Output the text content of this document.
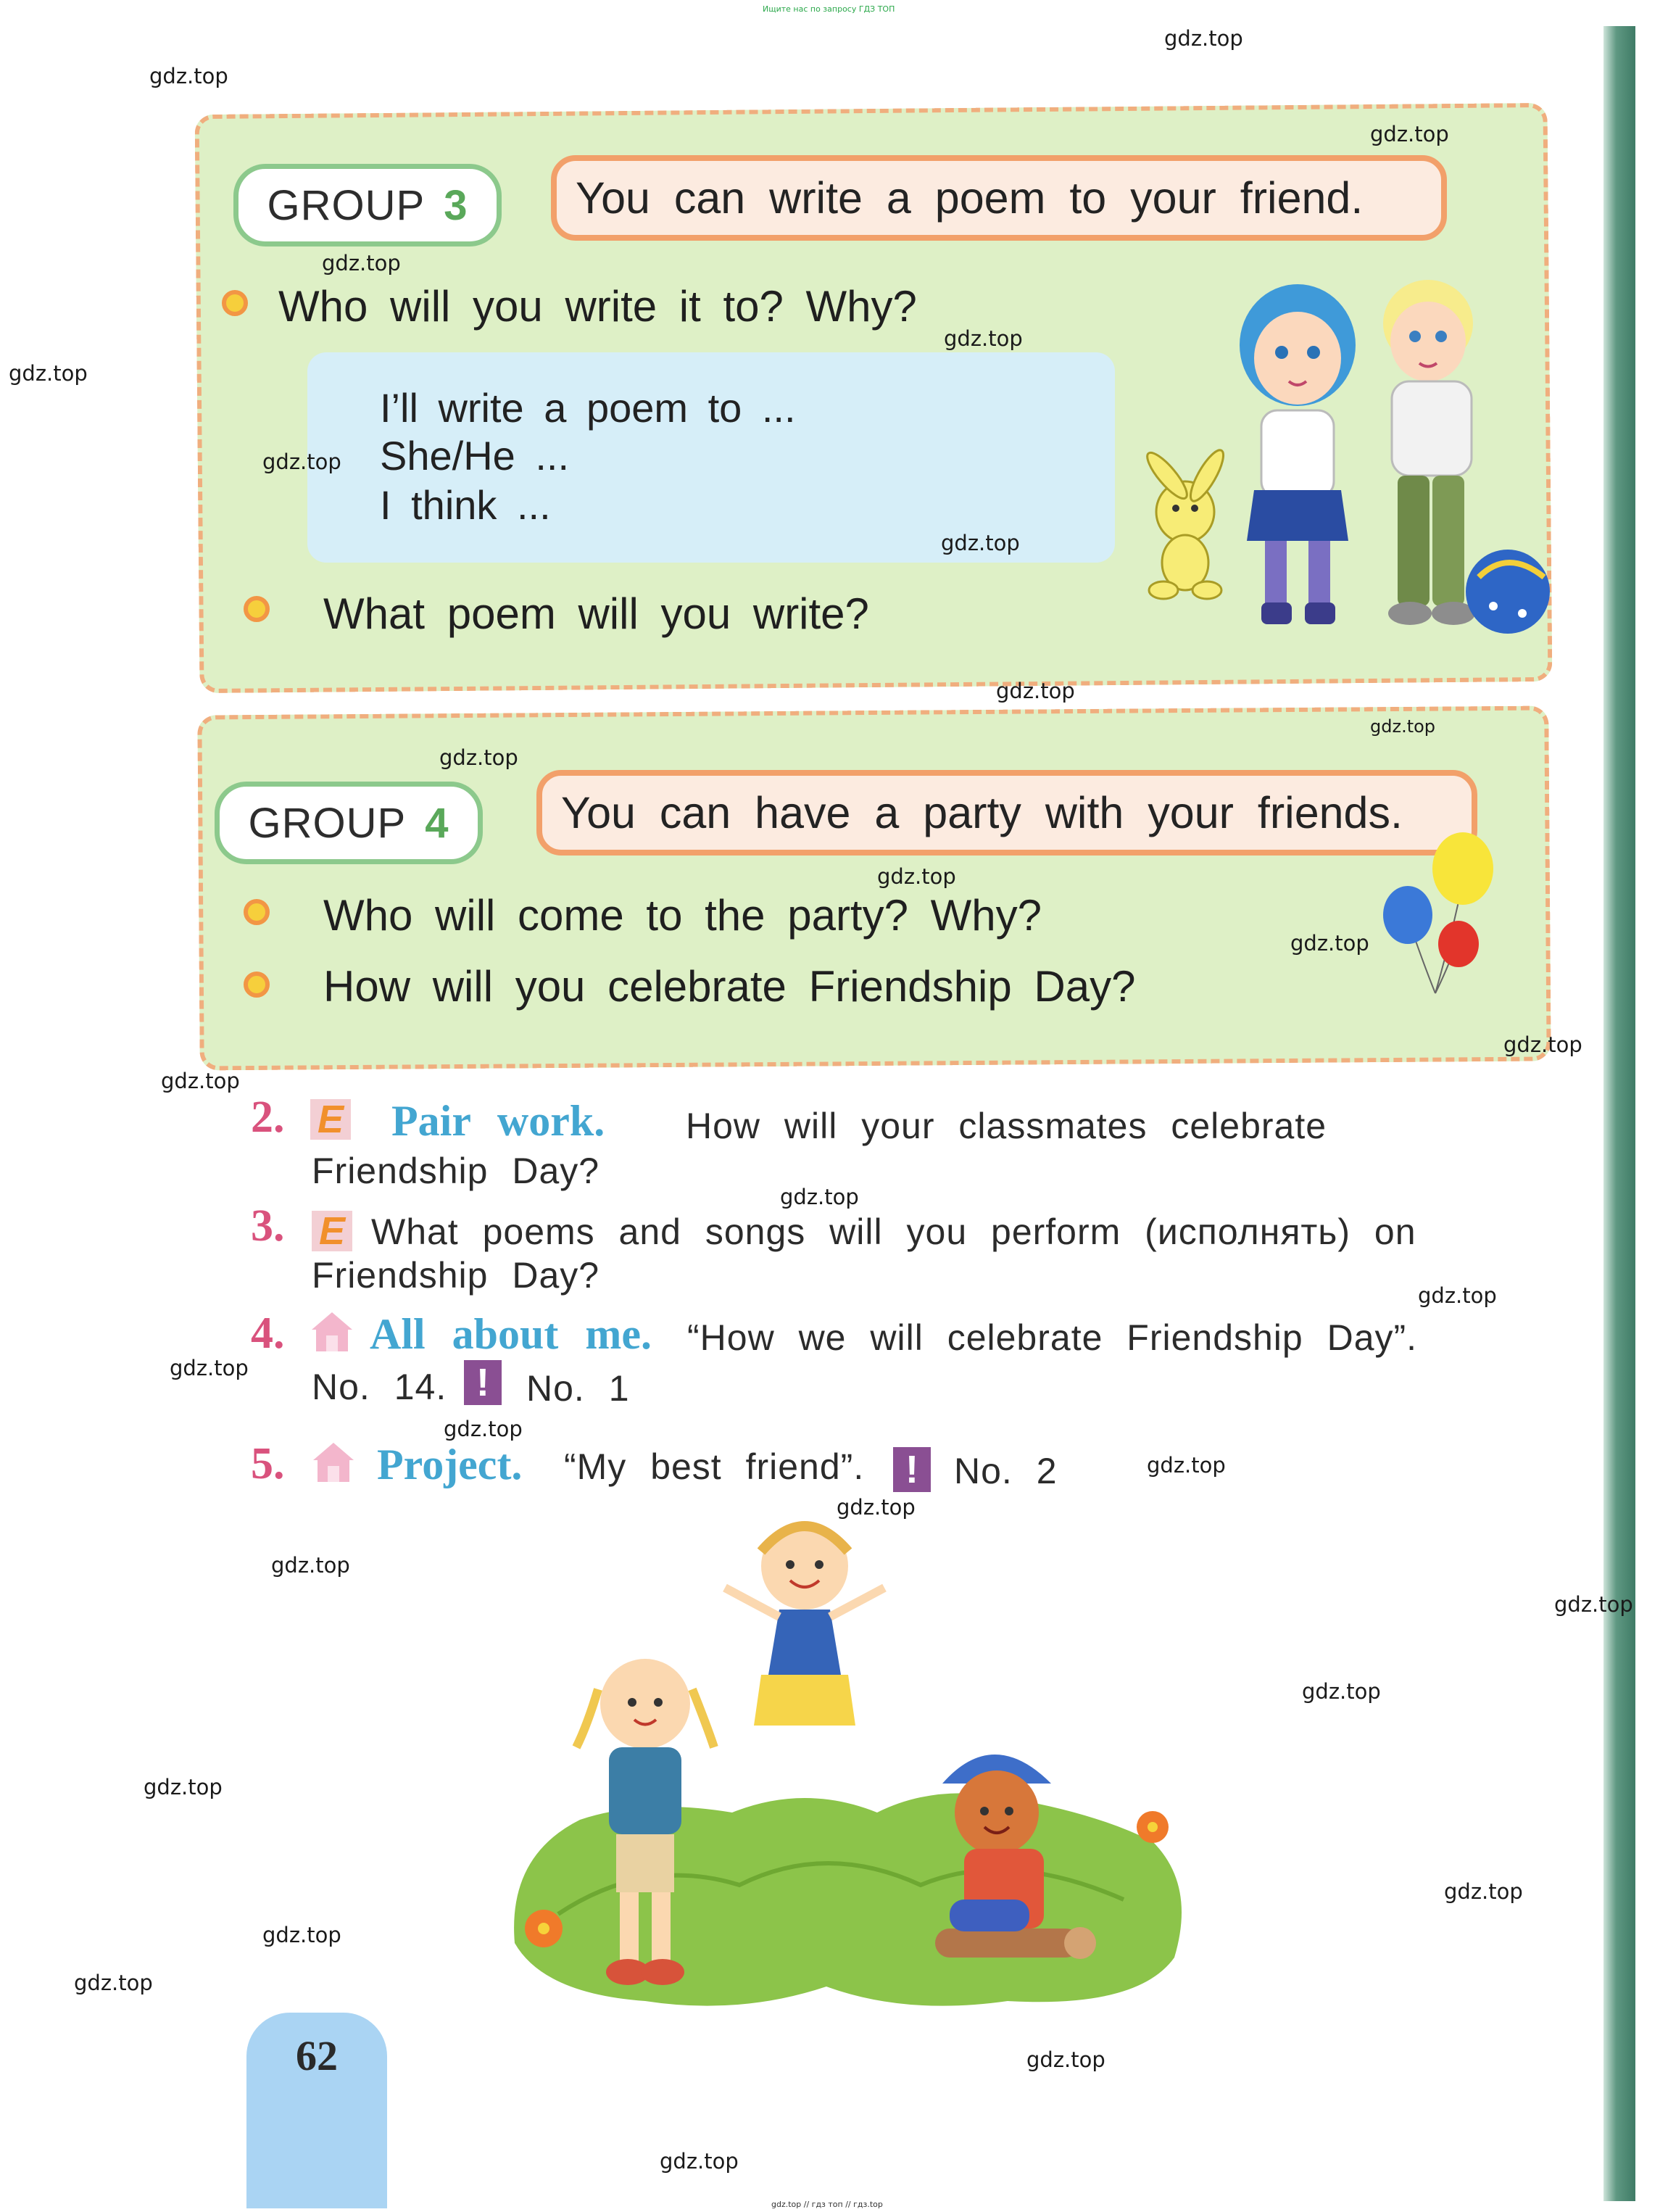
Ищите нас по запросу ГДЗ ТОП
gdz.top // гдз топ // гдз.top
GROUP 3 You can write a poem to your friend.
Who will you write it to? Why?
I’ll write a poem to ...
She/He ...
I think ...
What poem will you write?
GROUP 4	You can have a party with your friends.
Who will come to the party? Why?
How will you celebrate Friendship Day?
2. E Pair work. How will your classmates celebrate
Friendship Day?
3. E What poems and songs will you perform (исполнять) on
Friendship Day?
4. All about me. “How we will celebrate Friendship Day”.
No. 14. !	No. 1
5. Project. “My best friend”.	! No. 2
62
gdz.top
gdz.top
gdz.top
gdz.top
gdz.top
gdz.top
gdz.top
gdz.top
gdz.top
gdz.top
gdz.top
gdz.top
gdz.top
gdz.top
gdz.top
gdz.top
gdz.top
gdz.top
gdz.top
gdz.top
gdz.top
gdz.top
gdz.top
gdz.top
gdz.top
gdz.top
gdz.top
gdz.top
gdz.top
gdz.top
